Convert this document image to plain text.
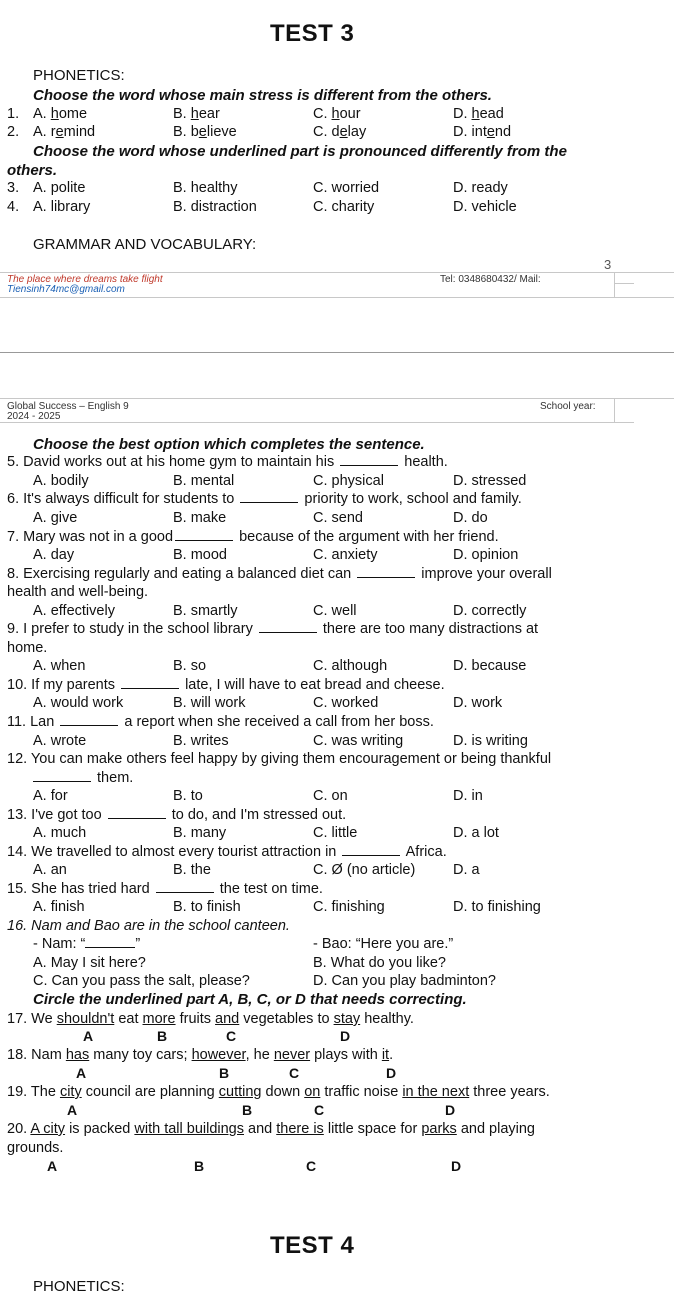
TEST 3
PHONETICS:
Choose the word whose main stress is different from the others.
1. A. home	B. hear	C. hour	D. head
2. A. remind	B. believe	C. delay	D. intend
Choose the word whose underlined part is pronounced differently from the
others.
3. A. polite	B. healthy	C. worried	D. ready
4. A. library	B. distraction	C. charity	D. vehicle
GRAMMAR AND VOCABULARY:
3
The place where dreams take flight	Tel: 0348680432/ Mail:
Tiensinh74mc@gmail.com
Global Success – English 9	School year:
2024 - 2025
Choose the best option which completes the sentence.
5. David works out at his home gym to maintain his	health.
A. bodily	B. mental	C. physical	D. stressed
6. It's always difficult for students to	priority to work, school and family.
A. give	B. make	C. send	D. do
7. Mary was not in a good	because of the argument with her friend.
A. day	B. mood	C. anxiety	D. opinion
8. Exercising regularly and eating a balanced diet can	improve your overall
health and well-being.
A. effectively	B. smartly	C. well	D. correctly
9. I prefer to study in the school library	there are too many distractions at
home.
A. when	B. so	C. although	D. because
10. If my parents	late, I will have to eat bread and cheese.
A. would work	B. will work	C. worked	D. work
11. Lan	a report when she received a call from her boss.
A. wrote	B. writes	C. was writing	D. is writing
12. You can make others feel happy by giving them encouragement or being thankful
them.
A. for	B. to	C. on	D. in
13. I've got too	to do, and I'm stressed out.
A. much	B. many	C. little	D. a lot
14. We travelled to almost every tourist attraction in	Africa.
A. an	B. the	C. Ø (no article)	D. a
15. She has tried hard	the test on time.
A. finish	B. to finish	C. finishing	D. to finishing
16. Nam and Bao are in the school canteen.
- Nam: “	”	- Bao: “Here you are.”
A. May I sit here?	B. What do you like?
C. Can you pass the salt, please?	D. Can you play badminton?
Circle the underlined part A, B, C, or D that needs correcting.
17. We shouldn't eat more fruits and vegetables to stay healthy.
A	B	C	D
18. Nam has many toy cars; however, he never plays with it.
A	B	C	D
19. The city council are planning cutting down on traffic noise in the next three years.
A	B	C	D
20. A city is packed with tall buildings and there is little space for parks and playing
grounds.
A	B	C	D
TEST 4
PHONETICS:
